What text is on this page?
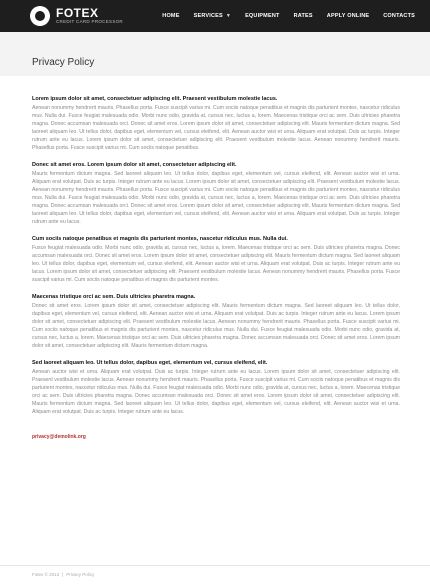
FOTEX
CREDIT CARD PROCESSOR
HOME	SERVICES ▼	EQUIPMENT	RATES	APPLY ONLINE	CONTACTS
Privacy Policy
Lorem ipsum dolor sit amet, consectetuer adipiscing elit. Praesent vestibulum molestie lacus.

Aenean nonummy hendrerit mauris. Phasellus porta. Fusce suscipit varius mi. Cum sociis natoque penatibus et magnis dis parturient montes, nascetur ridiculus mus. Nulla dui. Fusce feugiat malesuada odio. Morbi nunc odio, gravida at, cursus nec, luctus a, lorem. Maecenas tristique orci ac sem. Duis ultricies pharetra magna. Donec accumsan malesuada orci. Donec sit amet eros. Lorem ipsum dolor sit amet, consectetuer adipiscing elit. Mauris fermentum dictum magna. Sed laoreet aliquam leo. Ut tellus dolor, dapibus eget, elementum vel, cursus eleifend, elit. Aenean auctor wisi et urna. Aliquam erat volutpat. Duis ac turpis. Integer rutrum ante eu lacus. Lorem ipsum dolor sit amet, consectetuer adipiscing elit. Praesent vestibulum molestie lacus. Aenean nonummy hendrerit mauris. Phasellus porta. Fusce suscipit varius mi. Cum sociis natoque penatibus.

Donec sit amet eros. Lorem ipsum dolor sit amet, consectetuer adipiscing elit.

Mauris fermentum dictum magna. Sed laoreet aliquam leo. Ut tellus dolor, dapibus eget, elementum vel, cursus eleifend, elit. Aenean auctor wisi et urna. Aliquam erat volutpat. Duis ac turpis. Integer rutrum ante eu lacus. Lorem ipsum dolor sit amet, consectetuer adipiscing elit. Praesent vestibulum molestie lacus. Aenean nonummy hendrerit mauris. Phasellus porta. Fusce suscipit varius mi. Cum sociis natoque penatibus et magnis dis parturient montes, nascetur ridiculus mus. Nulla dui. Fusce feugiat malesuada odio. Morbi nunc odio, gravida at, cursus nec, luctus a, lorem. Maecenas tristique orci ac sem. Duis ultricies pharetra magna. Donec accumsan malesuada orci. Donec sit amet eros. Lorem ipsum dolor sit amet, consectetuer adipiscing elit. Mauris fermentum dictum magna. Sed laoreet aliquam leo. Ut tellus dolor, dapibus eget, elementum vel, cursus eleifend, elit. Aenean auctor wisi et urna. Aliquam erat volutpat. Duis ac turpis. Integer rutrum ante eu lacus.

Cum sociis natoque penatibus et magnis dis parturient montes, nascetur ridiculus mus. Nulla dui.

Fusce feugiat malesuada odio. Morbi nunc odio, gravida at, cursus nec, luctus a, lorem. Maecenas tristique orci ac sem. Duis ultricies pharetra magna. Donec accumsan malesuada orci. Donec sit amet eros. Lorem ipsum dolor sit amet, consectetuer adipiscing elit. Mauris fermentum dictum magna. Sed laoreet aliquam leo. Ut tellus dolor, dapibus eget, elementum vel, cursus eleifend, elit. Aenean auctor wisi et urna. Aliquam erat volutpat. Duis ac turpis. Integer rutrum ante eu lacus. Lorem ipsum dolor sit amet, consectetuer adipiscing elit. Praesent vestibulum molestie lacus. Aenean nonummy hendrerit mauris. Phasellus porta. Fusce suscipit varius mi. Cum sociis natoque penatibus et magnis dis parturient montes.

Maecenas tristique orci ac sem. Duis ultricies pharetra magna.

Donec sit amet eros. Lorem ipsum dolor sit amet, consectetuer adipiscing elit. Mauris fermentum dictum magna. Sed laoreet aliquam leo. Ut tellus dolor, dapibus eget, elementum vel, cursus eleifend, elit. Aenean auctor wisi et urna. Aliquam erat volutpat. Duis ac turpis. Integer rutrum ante eu lacus. Lorem ipsum dolor sit amet, consectetuer adipiscing elit. Praesent vestibulum molestie lacus. Aenean nonummy hendrerit mauris. Phasellus porta. Fusce suscipit varius mi. Cum sociis natoque penatibus et magnis dis parturient montes, nascetur ridiculus mus. Nulla dui. Fusce feugiat malesuada odio. Morbi nunc odio, gravida at, cursus nec, luctus a, lorem. Maecenas tristique orci ac sem. Duis ultricies pharetra magna. Donec accumsan malesuada orci. Donec sit amet eros. Lorem ipsum dolor sit amet, consectetuer adipiscing elit. Mauris fermentum dictum magna.

Sed laoreet aliquam leo. Ut tellus dolor, dapibus eget, elementum vel, cursus eleifend, elit.

Aenean auctor wisi et urna. Aliquam erat volutpat. Duis ac turpis. Integer rutrum ante eu lacus. Lorem ipsum dolor sit amet, consectetuer adipiscing elit. Praesent vestibulum molestie lacus. Aenean nonummy hendrerit mauris. Phasellus porta. Fusce suscipit varius mi. Cum sociis natoque penatibus et magnis dis parturient montes, nascetur ridiculus mus. Nulla dui. Fusce feugiat malesuada odio. Morbi nunc odio, gravida at, cursus nec, luctus a, lorem. Maecenas tristique orci ac sem. Duis ultricies pharetra magna. Donec accumsan malesuada orci. Donec sit amet eros. Lorem ipsum dolor sit amet, consectetuer adipiscing elit. Mauris fermentum dictum magna. Sed laoreet aliquam leo. Ut tellus dolor, dapibus eget, elementum vel, cursus eleifend, elit. Aenean auctor wisi et urna. Aliquam erat volutpat. Duis ac turpis. Integer rutrum ante eu lacus.

privacy@demolink.org
Fotex © 2013 | Privacy Policy
